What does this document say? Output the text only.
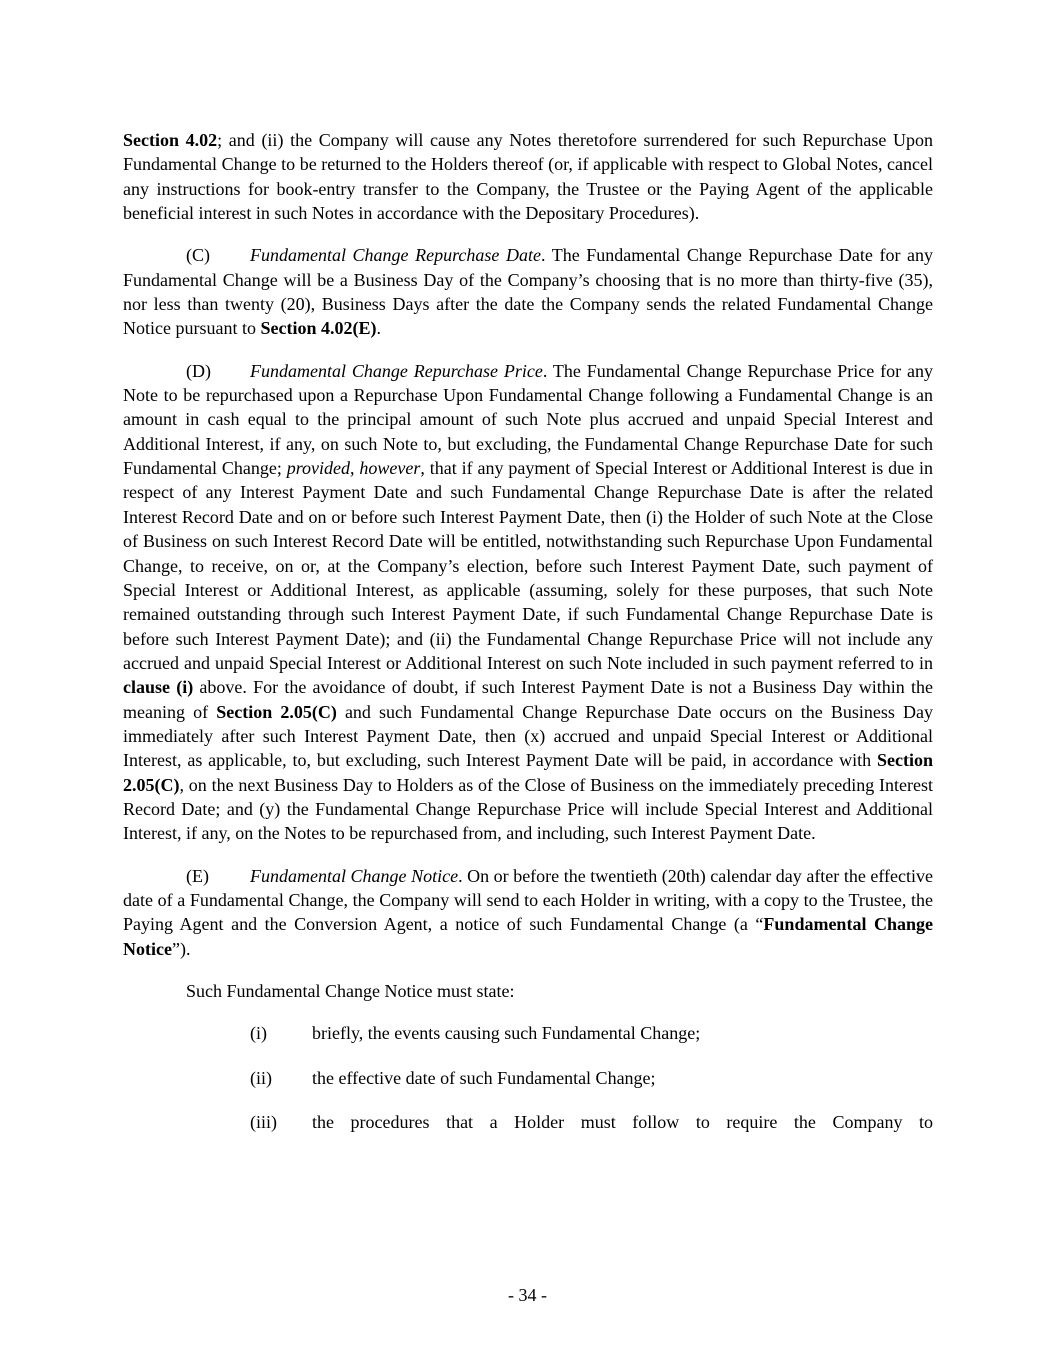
Section 4.02; and (ii) the Company will cause any Notes theretofore surrendered for such Repurchase Upon Fundamental Change to be returned to the Holders thereof (or, if applicable with respect to Global Notes, cancel any instructions for book-entry transfer to the Company, the Trustee or the Paying Agent of the applicable beneficial interest in such Notes in accordance with the Depositary Procedures).

(C) Fundamental Change Repurchase Date. The Fundamental Change Repurchase Date for any Fundamental Change will be a Business Day of the Company’s choosing that is no more than thirty-five (35), nor less than twenty (20), Business Days after the date the Company sends the related Fundamental Change Notice pursuant to Section 4.02(E).

(D) Fundamental Change Repurchase Price. The Fundamental Change Repurchase Price for any Note to be repurchased upon a Repurchase Upon Fundamental Change following a Fundamental Change is an amount in cash equal to the principal amount of such Note plus accrued and unpaid Special Interest and Additional Interest, if any, on such Note to, but excluding, the Fundamental Change Repurchase Date for such Fundamental Change; provided, however, that if any payment of Special Interest or Additional Interest is due in respect of any Interest Payment Date and such Fundamental Change Repurchase Date is after the related Interest Record Date and on or before such Interest Payment Date, then (i) the Holder of such Note at the Close of Business on such Interest Record Date will be entitled, notwithstanding such Repurchase Upon Fundamental Change, to receive, on or, at the Company’s election, before such Interest Payment Date, such payment of Special Interest or Additional Interest, as applicable (assuming, solely for these purposes, that such Note remained outstanding through such Interest Payment Date, if such Fundamental Change Repurchase Date is before such Interest Payment Date); and (ii) the Fundamental Change Repurchase Price will not include any accrued and unpaid Special Interest or Additional Interest on such Note included in such payment referred to in clause (i) above. For the avoidance of doubt, if such Interest Payment Date is not a Business Day within the meaning of Section 2.05(C) and such Fundamental Change Repurchase Date occurs on the Business Day immediately after such Interest Payment Date, then (x) accrued and unpaid Special Interest or Additional Interest, as applicable, to, but excluding, such Interest Payment Date will be paid, in accordance with Section 2.05(C), on the next Business Day to Holders as of the Close of Business on the immediately preceding Interest Record Date; and (y) the Fundamental Change Repurchase Price will include Special Interest and Additional Interest, if any, on the Notes to be repurchased from, and including, such Interest Payment Date.

(E) Fundamental Change Notice. On or before the twentieth (20th) calendar day after the effective date of a Fundamental Change, the Company will send to each Holder in writing, with a copy to the Trustee, the Paying Agent and the Conversion Agent, a notice of such Fundamental Change (a “Fundamental Change Notice”).

Such Fundamental Change Notice must state:

(i)	briefly, the events causing such Fundamental Change;
(ii)	the effective date of such Fundamental Change;
(iii)	the procedures that a Holder must follow to require the Company to
- 34 -
